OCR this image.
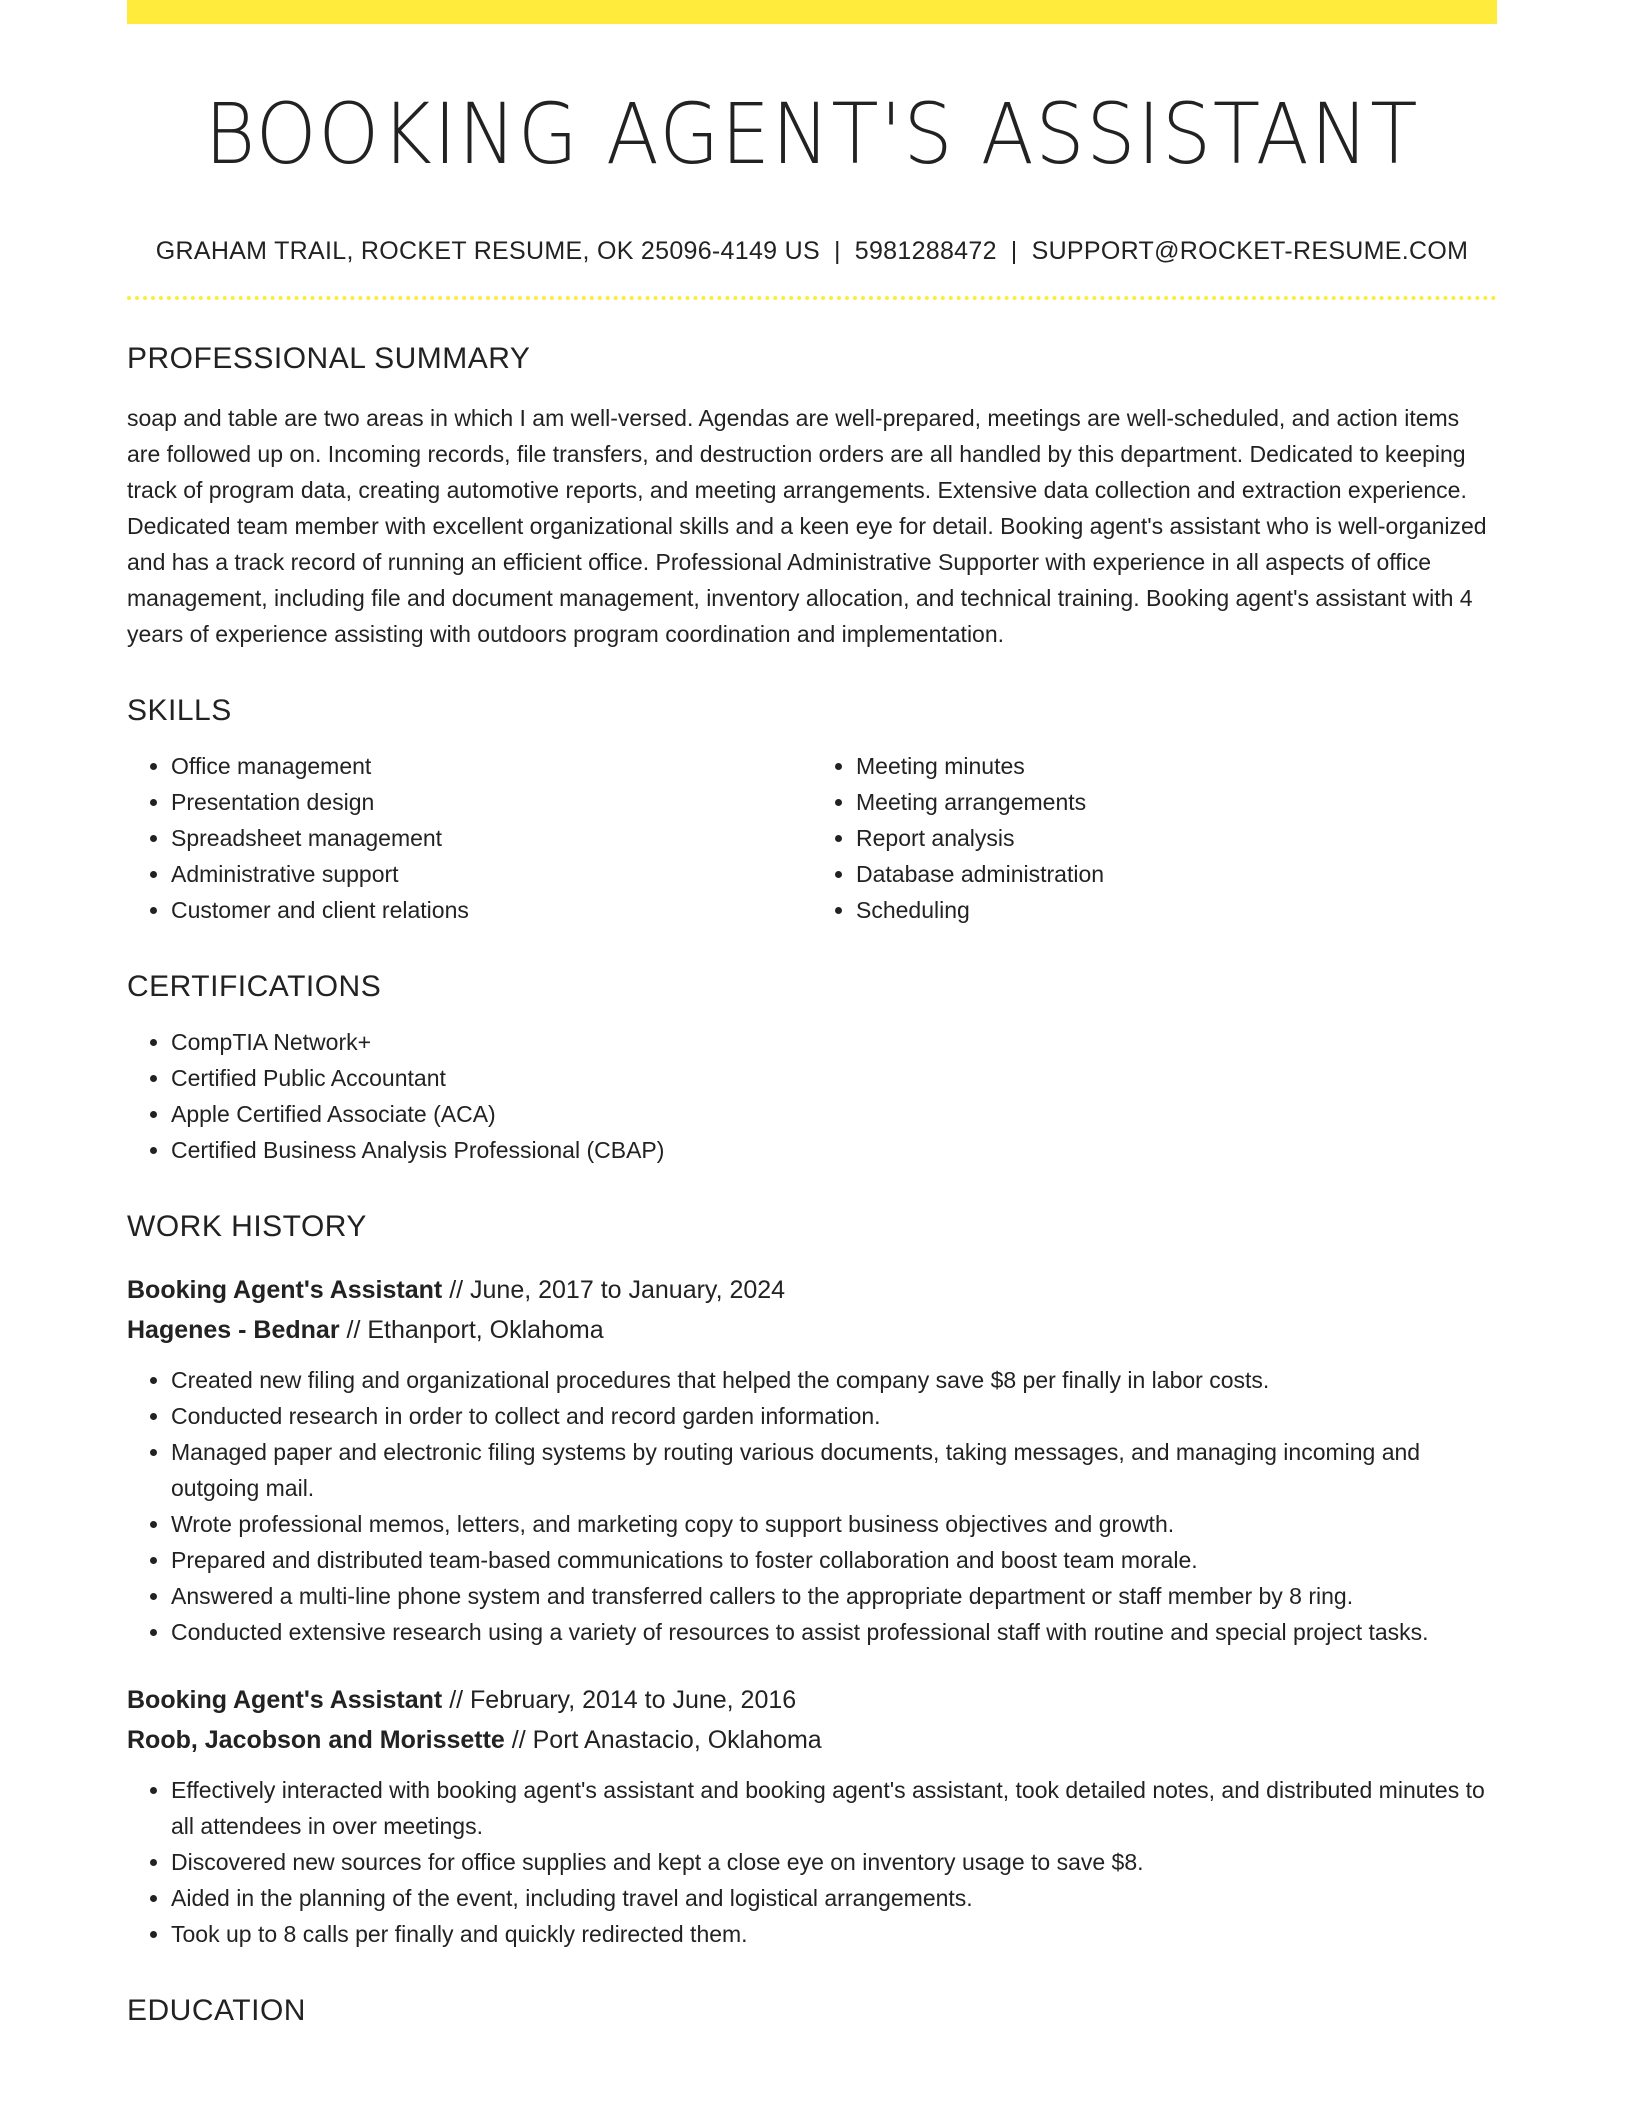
BOOKING AGENT'S ASSISTANT
GRAHAM TRAIL, ROCKET RESUME, OK 25096-4149 US | 5981288472 | SUPPORT@ROCKET-RESUME.COM
PROFESSIONAL SUMMARY
soap and table are two areas in which I am well-versed. Agendas are well-prepared, meetings are well-scheduled, and action items are followed up on. Incoming records, file transfers, and destruction orders are all handled by this department. Dedicated to keeping track of program data, creating automotive reports, and meeting arrangements. Extensive data collection and extraction experience. Dedicated team member with excellent organizational skills and a keen eye for detail. Booking agent's assistant who is well-organized and has a track record of running an efficient office. Professional Administrative Supporter with experience in all aspects of office management, including file and document management, inventory allocation, and technical training. Booking agent's assistant with 4 years of experience assisting with outdoors program coordination and implementation.
SKILLS
• Office management
• Presentation design
• Spreadsheet management
• Administrative support
• Customer and client relations
• Meeting minutes
• Meeting arrangements
• Report analysis
• Database administration
• Scheduling
CERTIFICATIONS
• CompTIA Network+
• Certified Public Accountant
• Apple Certified Associate (ACA)
• Certified Business Analysis Professional (CBAP)
WORK HISTORY
Booking Agent's Assistant // June, 2017 to January, 2024
Hagenes - Bednar // Ethanport, Oklahoma
• Created new filing and organizational procedures that helped the company save $8 per finally in labor costs.
• Conducted research in order to collect and record garden information.
• Managed paper and electronic filing systems by routing various documents, taking messages, and managing incoming and outgoing mail.
• Wrote professional memos, letters, and marketing copy to support business objectives and growth.
• Prepared and distributed team-based communications to foster collaboration and boost team morale.
• Answered a multi-line phone system and transferred callers to the appropriate department or staff member by 8 ring.
• Conducted extensive research using a variety of resources to assist professional staff with routine and special project tasks.
Booking Agent's Assistant // February, 2014 to June, 2016
Roob, Jacobson and Morissette // Port Anastacio, Oklahoma
• Effectively interacted with booking agent's assistant and booking agent's assistant, took detailed notes, and distributed minutes to all attendees in over meetings.
• Discovered new sources for office supplies and kept a close eye on inventory usage to save $8.
• Aided in the planning of the event, including travel and logistical arrangements.
• Took up to 8 calls per finally and quickly redirected them.
EDUCATION
